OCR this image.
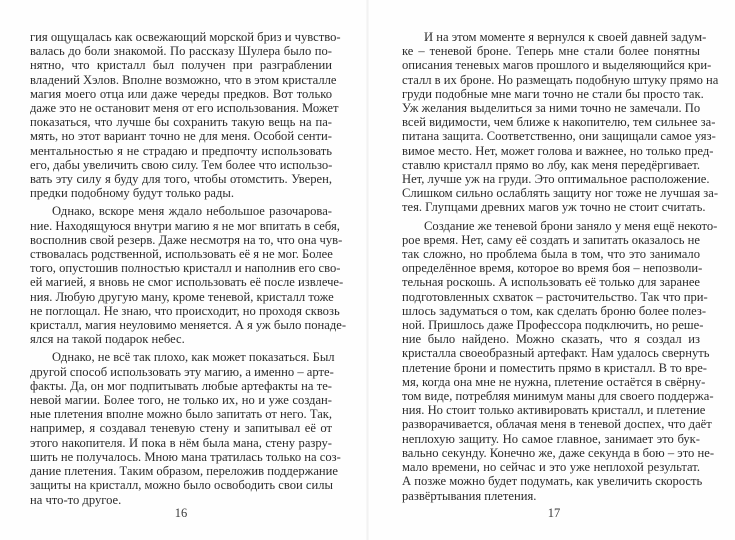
гия ощущалась как освежающий морской бриз и чувство-
валась до боли знакомой. По рассказу Шулера было по-
нятно, что кристалл был получен при разграблении
владений Хэлов. Вполне возможно, что в этом кристалле
магия моего отца или даже череды предков. Вот только
даже это не остановит меня от его использования. Может
показаться, что лучше бы сохранить такую вещь на па-
мять, но этот вариант точно не для меня. Особой сенти-
ментальностью я не страдаю и предпочту использовать
его, дабы увеличить свою силу. Тем более что использо-
вать эту силу я буду для того, чтобы отомстить. Уверен,
предки подобному будут только рады.
Однако, вскоре меня ждало небольшое разочарова-
ние. Находящуюся внутри магию я не мог впитать в себя,
восполнив свой резерв. Даже несмотря на то, что она чув-
ствовалась родственной, использовать её я не мог. Более
того, опустошив полностью кристалл и наполнив его сво-
ей магией, я вновь не смог использовать её после извлече-
ния. Любую другую ману, кроме теневой, кристалл тоже
не поглощал. Не знаю, что происходит, но проходя сквозь
кристалл, магия неуловимо меняется. А я уж было понаде-
ялся на такой подарок небес.
Однако, не всё так плохо, как может показаться. Был
другой способ использовать эту магию, а именно – арте-
факты. Да, он мог подпитывать любые артефакты на те-
невой магии. Более того, не только их, но и уже создан-
ные плетения вполне можно было запитать от него. Так,
например, я создавал теневую стену и запитывал её от
этого накопителя. И пока в нём была мана, стену разру-
шить не получалось. Мною мана тратилась только на соз-
дание плетения. Таким образом, переложив поддержание
защиты на кристалл, можно было освободить свои силы
на что-то другое.
16
И на этом моменте я вернулся к своей давней задум-
ке – теневой броне. Теперь мне стали более понятны
описания теневых магов прошлого и выделяющийся кри-
сталл в их броне. Но размещать подобную штуку прямо на
груди подобные мне маги точно не стали бы просто так.
Уж желания выделиться за ними точно не замечали. По
всей видимости, чем ближе к накопителю, тем сильнее за-
питана защита. Соответственно, они защищали самое уяз-
вимое место. Нет, может голова и важнее, но только пред-
ставлю кристалл прямо во лбу, как меня передёргивает.
Нет, лучше уж на груди. Это оптимальное расположение.
Слишком сильно ослаблять защиту ног тоже не лучшая за-
тея. Глупцами древних магов уж точно не стоит считать.
Создание же теневой брони заняло у меня ещё некото-
рое время. Нет, саму её создать и запитать оказалось не
так сложно, но проблема была в том, что это занимало
определённое время, которое во время боя – непозволи-
тельная роскошь. А использовать её только для заранее
подготовленных схваток – расточительство. Так что при-
шлось задуматься о том, как сделать броню более полез-
ной. Пришлось даже Профессора подключить, но реше-
ние было найдено. Можно сказать, что я создал из
кристалла своеобразный артефакт. Нам удалось свернуть
плетение брони и поместить прямо в кристалл. В то вре-
мя, когда она мне не нужна, плетение остаётся в свёрну-
том виде, потребляя минимум маны для своего поддержа-
ния. Но стоит только активировать кристалл, и плетение
разворачивается, облачая меня в теневой доспех, что даёт
неплохую защиту. Но самое главное, занимает это бук-
вально секунду. Конечно же, даже секунда в бою – это не-
мало времени, но сейчас и это уже неплохой результат.
А позже можно будет подумать, как увеличить скорость
развёртывания плетения.
17
